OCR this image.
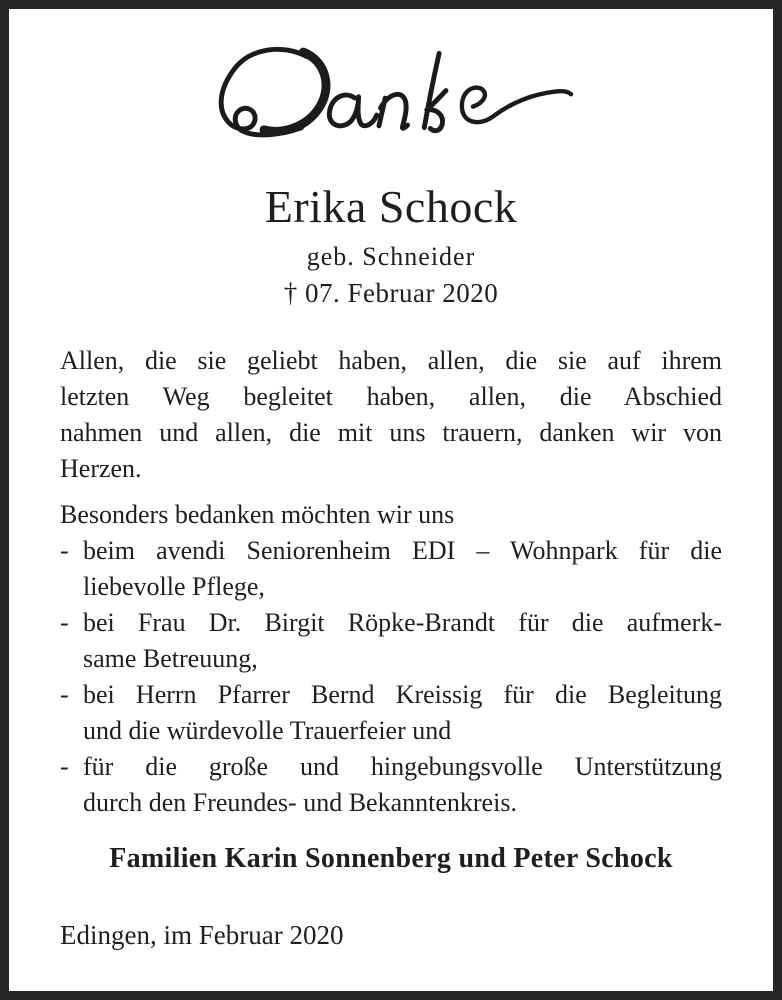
Erika Schock
geb. Schneider
† 07. Februar 2020
Allen, die sie geliebt haben, allen, die sie auf ihrem
letzten Weg begleitet haben, allen, die Abschied
nahmen und allen, die mit uns trauern, danken wir von
Herzen.
Besonders bedanken möchten wir uns
- beim avendi Seniorenheim EDI – Wohnpark für die
liebevolle Pflege,
- bei Frau Dr. Birgit Röpke-Brandt für die aufmerk-
same Betreuung,
- bei Herrn Pfarrer Bernd Kreissig für die Begleitung
und die würdevolle Trauerfeier und
- für die große und hingebungsvolle Unterstützung
durch den Freundes- und Bekanntenkreis.
Familien Karin Sonnenberg und Peter Schock
Edingen, im Februar 2020
